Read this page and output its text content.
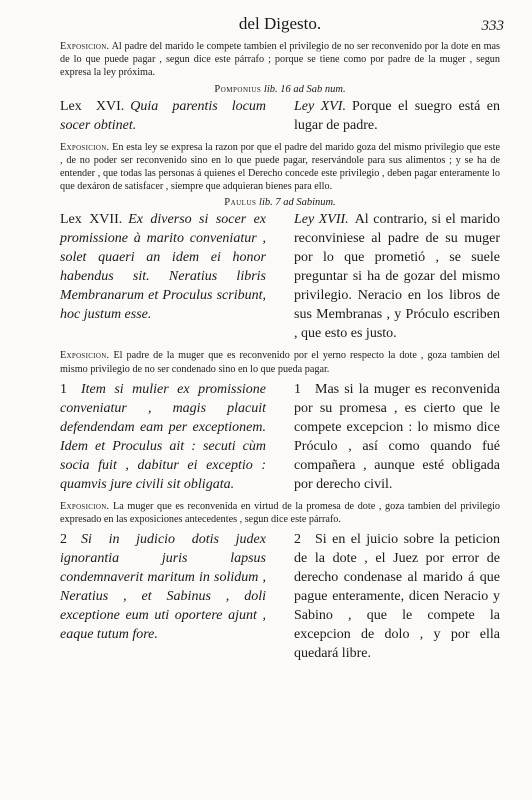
del Digesto.	333

Exposicion. Al padre del marido le compete tambien el privilegio de no ser reconvenido por la dote en mas de lo que puede pagar , segun dice este párrafo ; porque se tiene como por padre de la muger , segun expresa la ley próxima.

Pomponius lib. 16 ad Sab num.
Lex XVI. Quia parentis locum socer obtinet.
Ley XVI. Porque el suegro está en lugar de padre.

Exposicion. En esta ley se expresa la razon por que el padre del marido goza del mismo privilegio que este , de no poder ser reconvenido sino en lo que puede pagar, reservándole para sus alimentos ; y se ha de entender , que todas las personas á quienes el Derecho concede este privilegio , deben pagar enteramente lo que dexáron de satisfacer , siempre que adquieran bienes para ello.

Paulus lib. 7 ad Sabinum.
Lex XVII. Ex diverso si socer ex promissione à marito conveniatur , solet quaeri an idem ei honor habendus sit. Neratius libris Membranarum et Proculus scribunt, hoc justum esse.
Ley XVII. Al contrario, si el marido reconviniese al padre de su muger por lo que prometió , se suele preguntar si ha de gozar del mismo privilegio. Neracio en los libros de sus Membranas , y Próculo escriben , que esto es justo.

Exposicion. El padre de la muger que es reconvenido por el yerno respecto la dote , goza tambien del mismo privilegio de no ser condenado sino en lo que pueda pagar.

1 Item si mulier ex promissione conveniatur , magis placuit defendendam eam per exceptionem. Idem et Proculus ait : secuti cùm socia fuit , dabitur ei exceptio : quamvis jure civili sit obligata.
1 Mas si la muger es reconvenida por su promesa , es cierto que le compete excepcion : lo mismo dice Próculo , así como quando fué compañera , aunque esté obligada por derecho civil.

Exposicion. La muger que es reconvenida en virtud de la promesa de dote , goza tambien del privilegio expresado en las exposiciones antecedentes , segun dice este párrafo.

2 Si in judicio dotis judex ignorantia juris lapsus condemnaverit maritum in solidum , Neratius , et Sabinus , doli exceptione eum uti oportere ajunt , eaque tutum fore.
2 Si en el juicio sobre la peticion de la dote , el Juez por error de derecho condenase al marido á que pague enteramente, dicen Neracio y Sabino , que le compete la excepcion de dolo , y por ella quedará libre.
